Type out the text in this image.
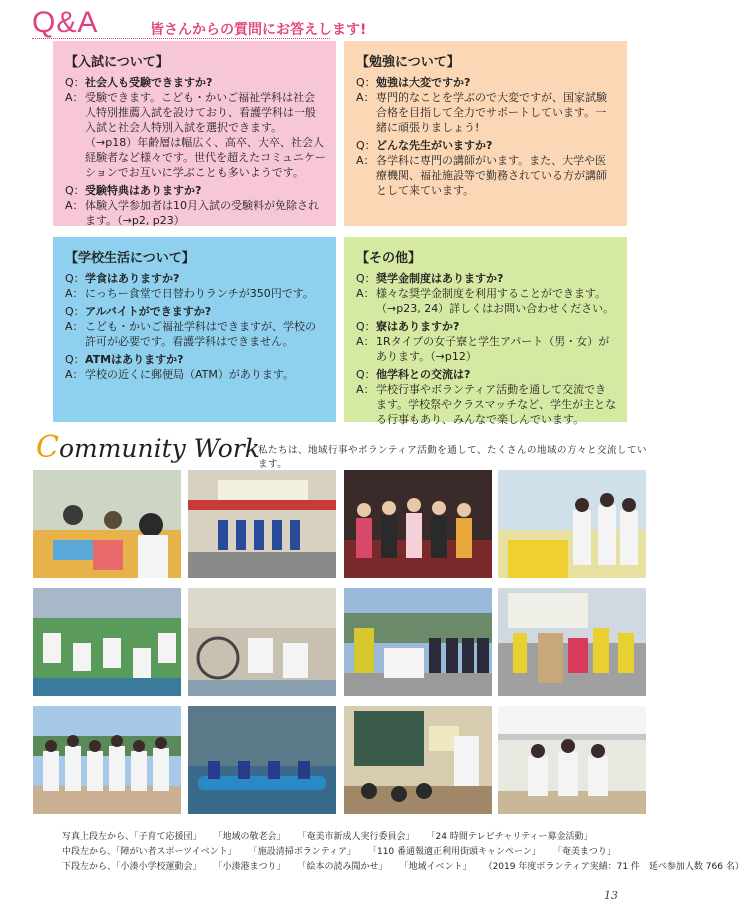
Q&A	皆さんからの質問にお答えします!
【入試について】
Q： 社会人も受験できますか?
A： 受験できます。こども・かいご福祉学科は社会人特別推薦入試を設けており、看護学科は一般入試と社会人特別入試を選択できます。
（→p18）年齢層は幅広く、高卒、大卒、社会人経験者など様々です。世代を超えたコミュニケーションでお互いに学ぶことも多いようです。
Q： 受験特典はありますか?
A： 体験入学参加者は10月入試の受験料が免除されます。（→p2, p23）
【勉強について】
Q： 勉強は大変ですか?
A： 専門的なことを学ぶので大変ですが、国家試験合格を目指して全力でサポートしています。一緒に頑張りましょう!
Q： どんな先生がいますか?
A： 各学科に専門の講師がいます。また、大学や医療機関、福祉施設等で勤務されている方が講師として来ています。
【学校生活について】
Q： 学食はありますか?
A： にっちー食堂で日替わりランチが350円です。
Q： アルバイトができますか?
A： こども・かいご福祉学科はできますが、学校の許可が必要です。看護学科はできません。
Q： ATMはありますか?
A： 学校の近くに郵便局（ATM）があります。
【その他】
Q： 奨学金制度はありますか?
A： 様々な奨学金制度を利用することができます。（→p23, 24）詳しくはお問い合わせください。
Q： 寮はありますか?
A： 1Rタイプの女子寮と学生アパート（男・女）があります。（→p12）
Q： 他学科との交流は?
A： 学校行事やボランティア活動を通して交流できます。学校祭やクラスマッチなど、学生が主となる行事もあり、みんなで楽しんでいます。
Community Work
私たちは、地域行事やボランティア活動を通して、たくさんの地域の方々と交流しています。
写真上段左から、「子育て応援団」 「地域の敬老会」 「奄美市新成人実行委員会」 「24 時間テレビチャリティー募金活動」
中段左から、「障がい者スポーツイベント」 「施設清掃ボランティア」 「110 番通報適正利用街頭キャンペーン」 「奄美まつり」
下段左から、「小湊小学校運動会」 「小湊港まつり」 「絵本の読み聞かせ」 「地域イベント」 （2019 年度ボランティア実績：71 件　延べ参加人数 766 名）
13
